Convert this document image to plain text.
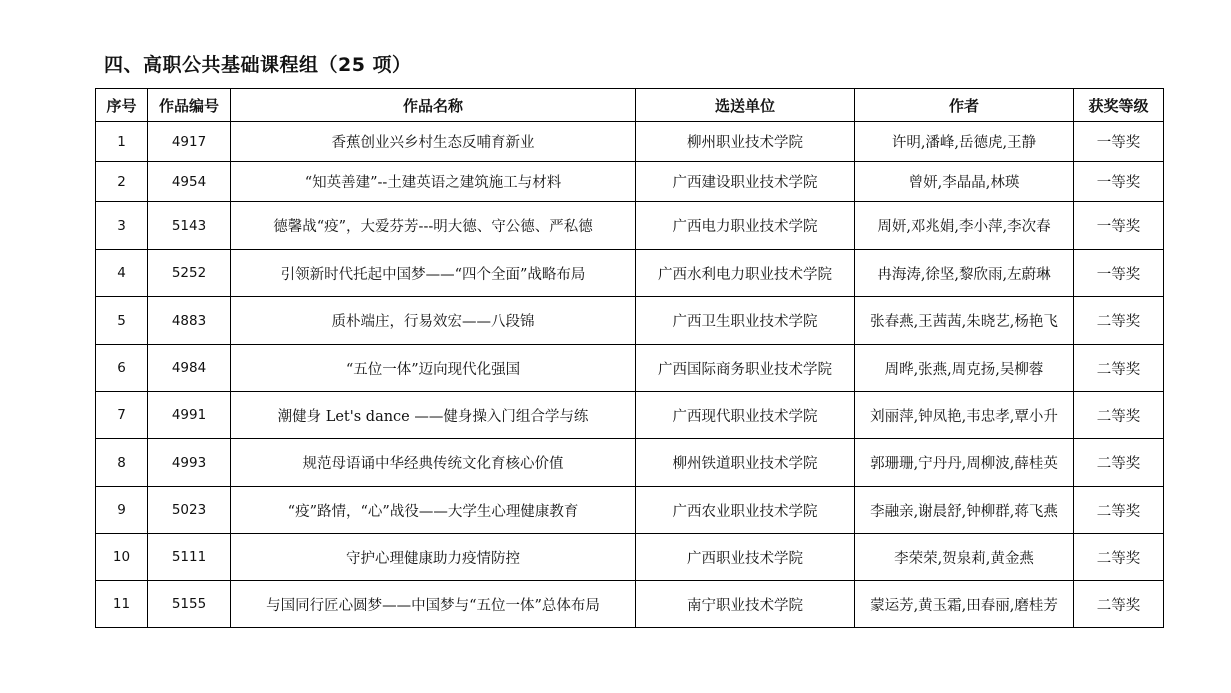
四、高职公共基础课程组（25 项）
序号	作品编号	作品名称	选送单位	作者	获奖等级
1	4917	香蕉创业兴乡村生态反哺育新业	柳州职业技术学院	许明,潘峰,岳德虎,王静	一等奖
2	4954	“知英善建”--土建英语之建筑施工与材料	广西建设职业技术学院	曾妍,李晶晶,林瑛	一等奖
3	5143	德馨战“疫”，大爱芬芳---明大德、守公德、严私德	广西电力职业技术学院	周妍,邓兆娟,李小萍,李次春	一等奖
4	5252	引领新时代托起中国梦——“四个全面”战略布局	广西水利电力职业技术学院	冉海涛,徐坚,黎欣雨,左蔚琳	一等奖
5	4883	质朴端庄，行易效宏——八段锦	广西卫生职业技术学院	张春燕,王茜茜,朱晓艺,杨艳飞	二等奖
6	4984	“五位一体”迈向现代化强国	广西国际商务职业技术学院	周晔,张燕,周克扬,吴柳蓉	二等奖
7	4991	潮健身 Let's dance ——健身操入门组合学与练	广西现代职业技术学院	刘丽萍,钟凤艳,韦忠孝,覃小升	二等奖
8	4993	规范母语诵中华经典传统文化育核心价值	柳州铁道职业技术学院	郭珊珊,宁丹丹,周柳波,薛桂英	二等奖
9	5023	“疫”路情，“心”战役——大学生心理健康教育	广西农业职业技术学院	李融亲,谢晨舒,钟柳群,蒋飞燕	二等奖
10	5111	守护心理健康助力疫情防控	广西职业技术学院	李荣荣,贺泉莉,黄金燕	二等奖
11	5155	与国同行匠心圆梦——中国梦与“五位一体”总体布局	南宁职业技术学院	蒙运芳,黄玉霜,田春丽,磨桂芳	二等奖
